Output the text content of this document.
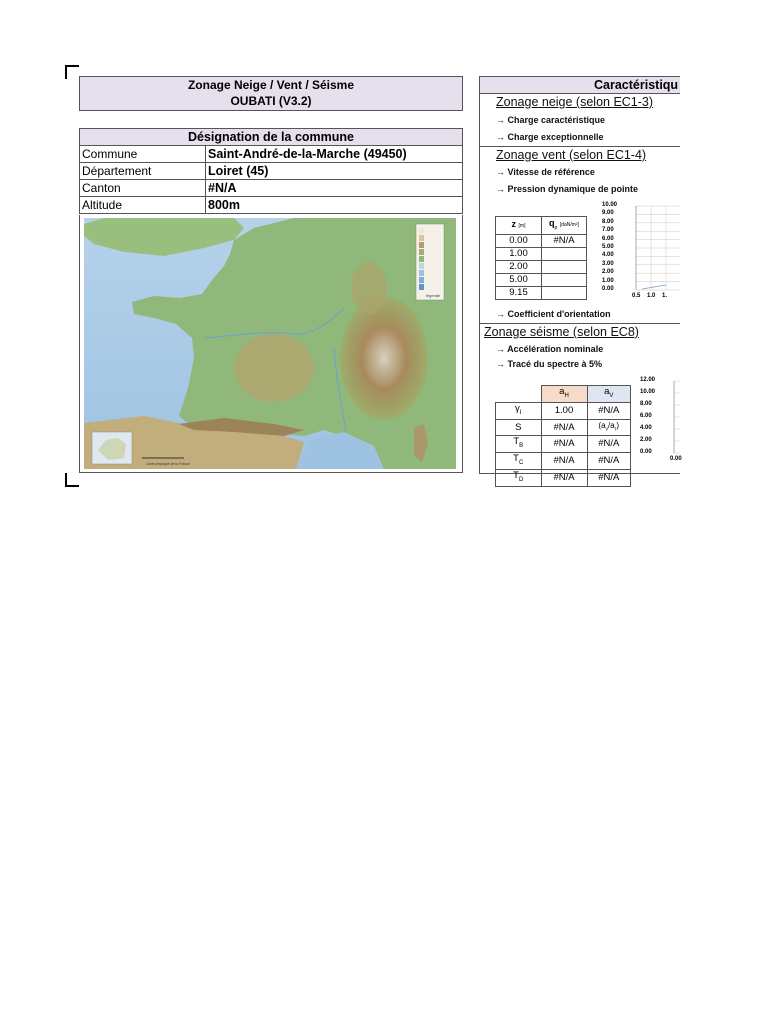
Zonage Neige / Vent / Séisme
OUBATI (V3.2)
Désignation de la commune	
Commune	Saint-André-de-la-Marche (49450)
Département	Loiret (45)
Canton	#N/A
Altitude	800m
légende
Carte physique de la France
Caractéristiqu
Zonage neige (selon EC1-3)
→ Charge caractéristique
→ Charge exceptionnelle
Zonage vent (selon EC1-4)
→ Vitesse de référence
→ Pression dynamique de pointe
z [m]	$q_p$ [daN/m²]
0.00	#N/A
1.00	
2.00	
5.00	
9.15	
10.00
9.00
8.00
7.00
6.00
5.00
4.00
3.00
2.00
1.00
0.00
0.5 1.0 1.
→ Coefficient d'orientation
Zonage séisme (selon EC8)
→ Accélération nominale
→ Tracé du spectre à 5%
	$a_H$	$a_V$
$\gamma_I$	1.00	#N/A
S	#N/A	$(a_v/a_r)$
$T_B$	#N/A	#N/A
$T_C$	#N/A	#N/A
$T_D$	#N/A	#N/A
12.00
10.00
8.00
6.00
4.00
2.00
0.00
0.00
